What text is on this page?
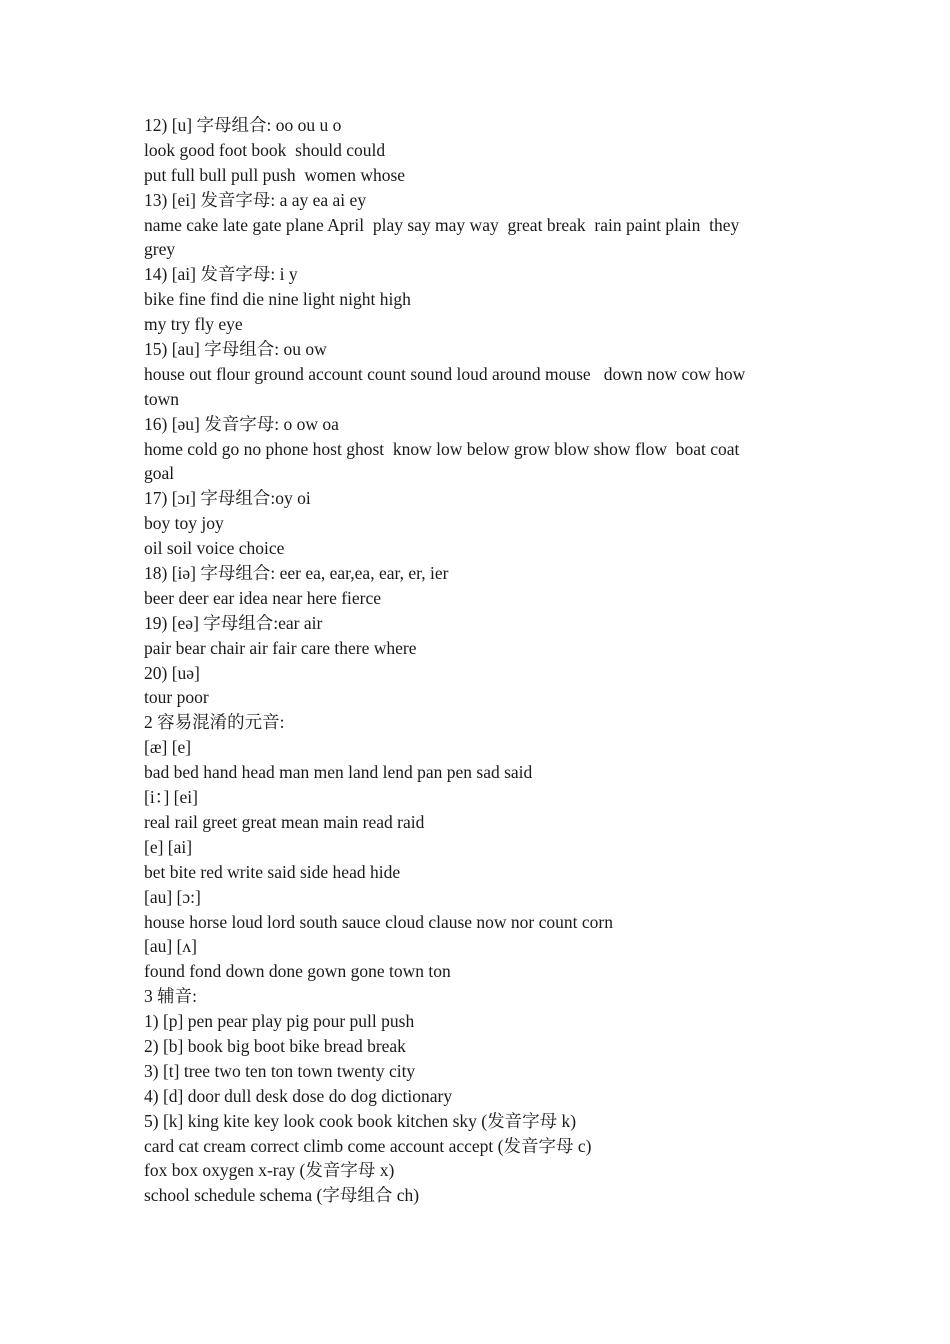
12) [u] 字母组合: oo ou u o
look good foot book  should could
put full bull pull push  women whose
13) [ei] 发音字母: a ay ea ai ey
name cake late gate plane April  play say may way  great break  rain paint plain  they
grey
14) [ai] 发音字母: i y
bike fine find die nine light night high
my try fly eye
15) [au] 字母组合: ou ow
house out flour ground account count sound loud around mouse   down now cow how
town
16) [əu] 发音字母: o ow oa
home cold go no phone host ghost  know low below grow blow show flow  boat coat
goal
17) [ɔɪ] 字母组合:oy oi
boy toy joy
oil soil voice choice
18) [iə] 字母组合: eer ea, ear,ea, ear, er, ier
beer deer ear idea near here fierce
19) [eə] 字母组合:ear air
pair bear chair air fair care there where
20) [uə]
tour poor
2 容易混淆的元音:
[æ] [e]
bad bed hand head man men land lend pan pen sad said
[i：] [ei]
real rail greet great mean main read raid
[e] [ai]
bet bite red write said side head hide
[au] [ɔ:]
house horse loud lord south sauce cloud clause now nor count corn
[au] [ʌ]
found fond down done gown gone town ton
3 辅音:
1) [p] pen pear play pig pour pull push
2) [b] book big boot bike bread break
3) [t] tree two ten ton town twenty city
4) [d] door dull desk dose do dog dictionary
5) [k] king kite key look cook book kitchen sky (发音字母 k)
card cat cream correct climb come account accept (发音字母 c)
fox box oxygen x-ray (发音字母 x)
school schedule schema (字母组合 ch)
